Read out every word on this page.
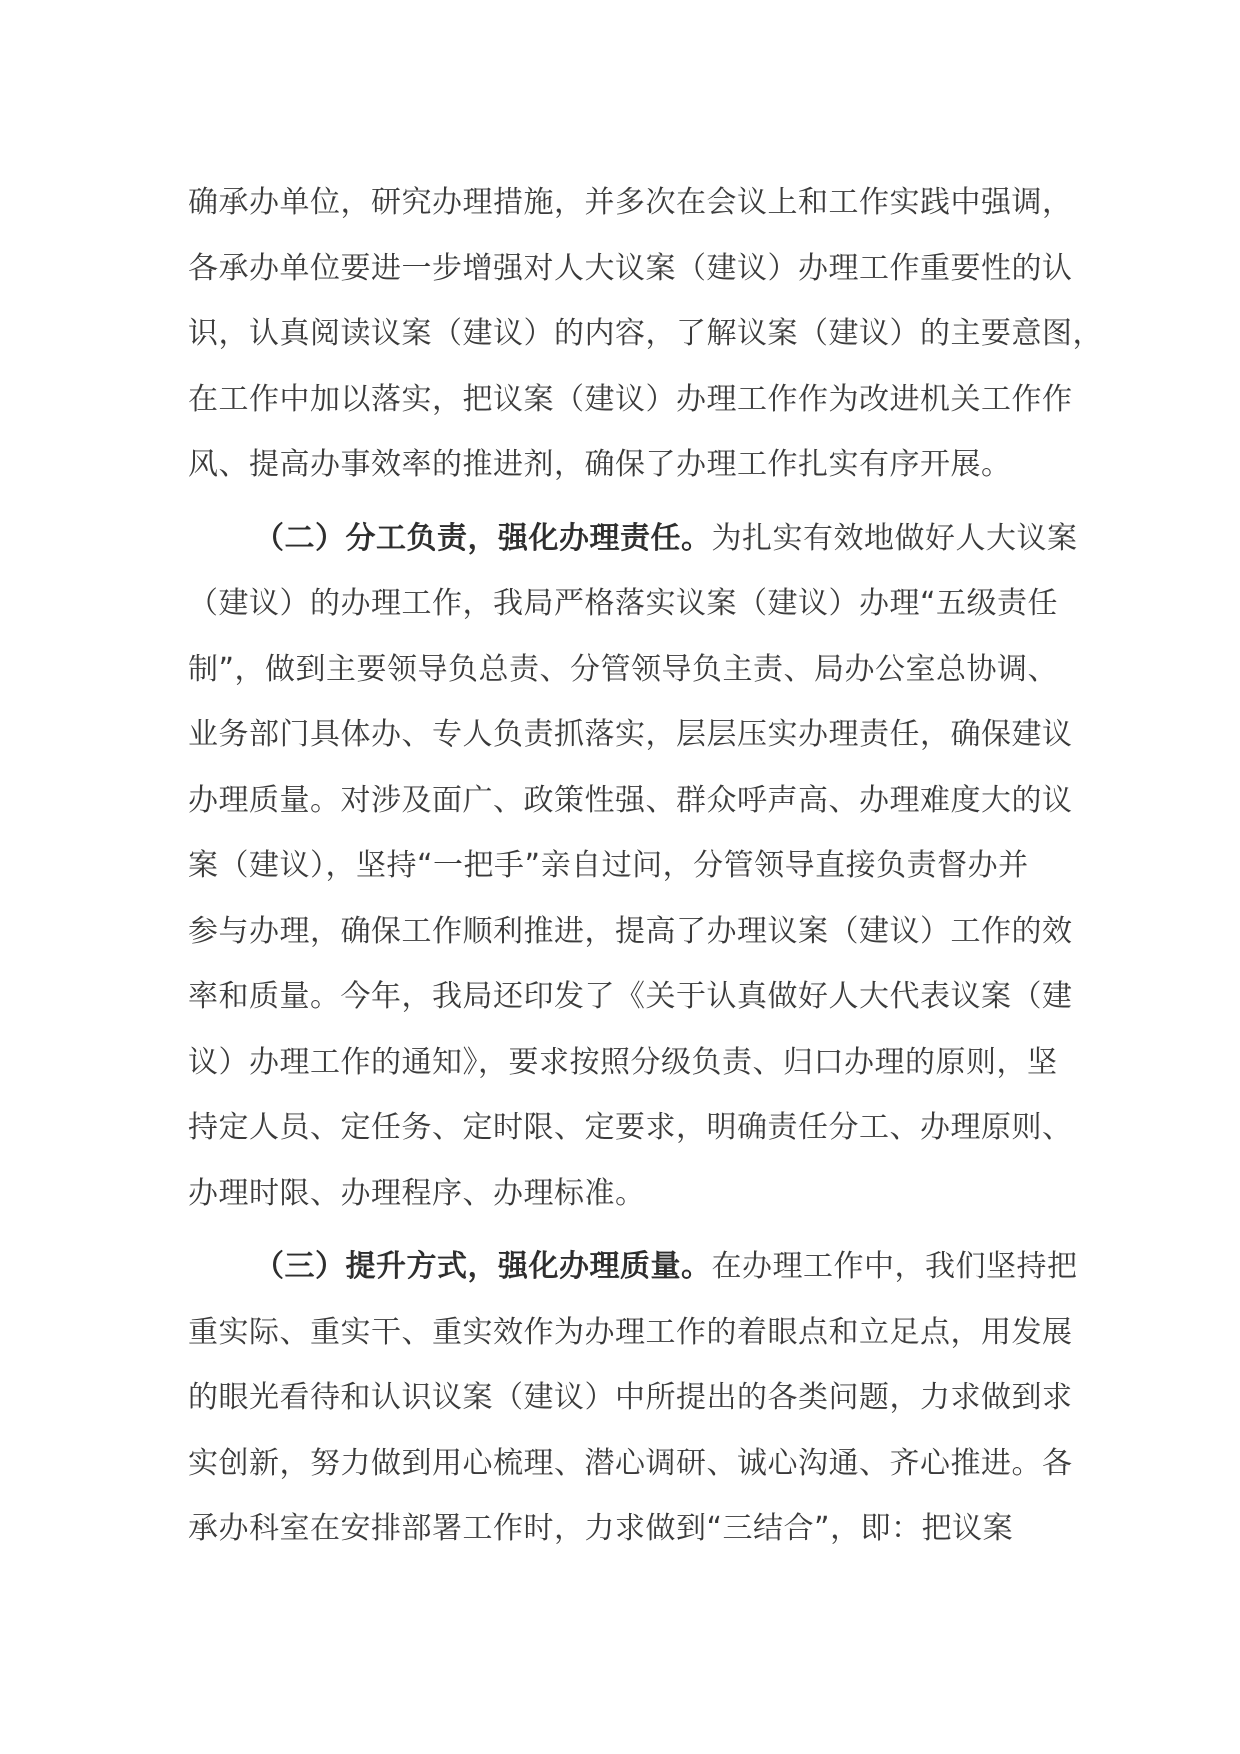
确承办单位，研究办理措施，并多次在会议上和工作实践中强调，
各承办单位要进一步增强对人大议案（建议）办理工作重要性的认
识，认真阅读议案（建议）的内容，了解议案（建议）的主要意图，
在工作中加以落实，把议案（建议）办理工作作为改进机关工作作
风、提高办事效率的推进剂，确保了办理工作扎实有序开展。

（二）分工负责，强化办理责任。为扎实有效地做好人大议案
（建议）的办理工作，我局严格落实议案（建议）办理“五级责任
制”，做到主要领导负总责、分管领导负主责、局办公室总协调、
业务部门具体办、专人负责抓落实，层层压实办理责任，确保建议
办理质量。对涉及面广、政策性强、群众呼声高、办理难度大的议
案（建议），坚持“一把手”亲自过问，分管领导直接负责督办并
参与办理，确保工作顺利推进，提高了办理议案（建议）工作的效
率和质量。今年，我局还印发了《关于认真做好人大代表议案（建
议）办理工作的通知》，要求按照分级负责、归口办理的原则，坚
持定人员、定任务、定时限、定要求，明确责任分工、办理原则、
办理时限、办理程序、办理标准。

（三）提升方式，强化办理质量。在办理工作中，我们坚持把
重实际、重实干、重实效作为办理工作的着眼点和立足点，用发展
的眼光看待和认识议案（建议）中所提出的各类问题，力求做到求
实创新，努力做到用心梳理、潜心调研、诚心沟通、齐心推进。各
承办科室在安排部署工作时，力求做到“三结合”，即：把议案
